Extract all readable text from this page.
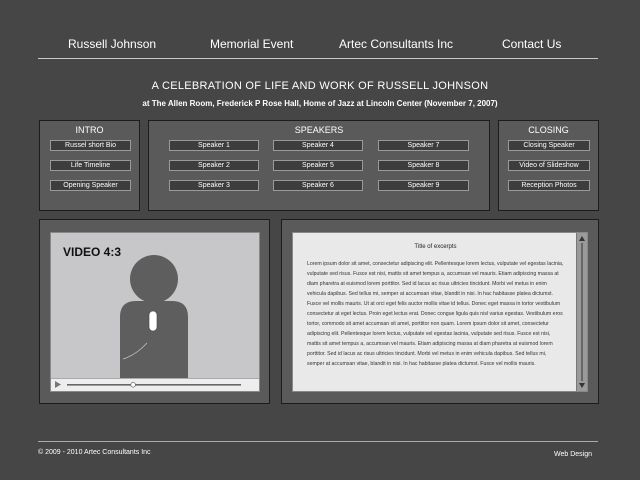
Russell Johnson	Memorial Event	Artec Consultants Inc	Contact Us
A CELEBRATION OF LIFE AND WORK OF RUSSELL JOHNSON
at The Allen Room, Frederick P Rose Hall, Home of Jazz at Lincoln Center (November 7, 2007)
INTRO
Russel short Bio
Life Timeline
Opening Speaker
SPEAKERS
Speaker 1
Speaker 2
Speaker 3
Speaker 4
Speaker 5
Speaker 6
Speaker 7
Speaker 8
Speaker 9
CLOSING
Closing Speaker
Video of Slideshow
Reception Photos
VIDEO 4:3	Title of excerpts
Lorem ipsum dolor sit amet, consectetur adipiscing elit. Pellentesque lorem lectus, vulputate vel egestas lacinia, vulputate sed risus. Fusce est nisi, mattis sit amet tempus a, accumsan vel mauris. Etiam adipiscing massa at diam pharetra at euismod lorem porttitor. Sed id lacus ac risus ultricies tincidunt. Morbi vel metus in enim vehicula dapibus. Sed tellus mi, semper at accumsan vitae, blandit in nisi. In hac habitasse platea dictumst. Fusce vel mollis mauris. Ut at orci eget felis auctor mollis vitae id tellus. Donec eget massa in tortor vestibulum consectetur at eget lectus. Proin eget lectus erat. Donec congue ligula quis nisl varius egestas. Vestibulum eros tortor, commodo sit amet accumsan sit amet, porttitor non quam. Lorem ipsum dolor sit amet, consectetur adipiscing elit. Pellentesque lorem lectus, vulputate vel egestas lacinia, vulputate sed risus. Fusce est nisi, mattis sit amet tempus a, accumsan vel mauris. Etiam adipiscing massa at diam pharetra at euismod lorem porttitor. Sed id lacus ac risus ultricies tincidunt. Morbi vel metus in enim vehicula dapibus. Sed tellus mi, semper at accumsan vitae, blandit in nisi. In hac habitasse platea dictumst. Fusce vel mollis mauris.
© 2009 - 2010 Artec Consultants Inc	Web Design
